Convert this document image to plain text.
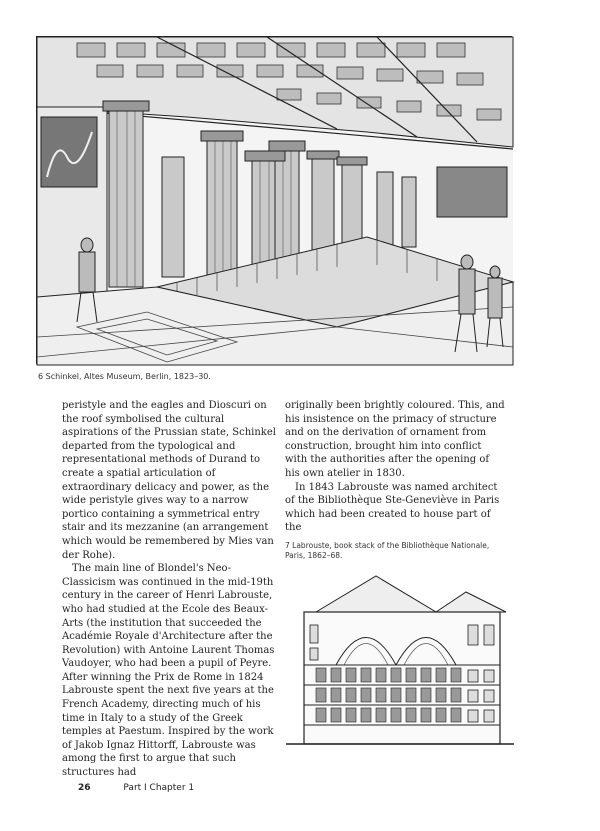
6 Schinkel, Altes Museum, Berlin, 1823–30.

peristyle and the eagles and Dioscuri on the roof symbolised the cultural aspirations of the Prussian state, Schinkel departed from the typological and representational methods of Durand to create a spatial articulation of extraordinary delicacy and power, as the wide peristyle gives way to a narrow portico containing a symmetrical entry stair and its mezzanine (an arrangement which would be remembered by Mies van der Rohe).

The main line of Blondel's Neo-Classicism was continued in the mid-19th century in the career of Henri Labrouste, who had studied at the Ecole des Beaux-Arts (the institution that succeeded the Académie Royale d'Architecture after the Revolution) with Antoine Laurent Thomas Vaudoyer, who had been a pupil of Peyre. After winning the Prix de Rome in 1824 Labrouste spent the next five years at the French Academy, directing much of his time in Italy to a study of the Greek temples at Paestum. Inspired by the work of Jakob Ignaz Hittorff, Labrouste was among the first to argue that such structures had

originally been brightly coloured. This, and his insistence on the primacy of structure and on the derivation of ornament from construction, brought him into conflict with the authorities after the opening of his own atelier in 1830.

In 1843 Labrouste was named architect of the Bibliothèque Ste-Geneviève in Paris which had been created to house part of the

7 Labrouste, book stack of the Bibliothèque Nationale, Paris, 1862–68.
26	Part I Chapter 1
